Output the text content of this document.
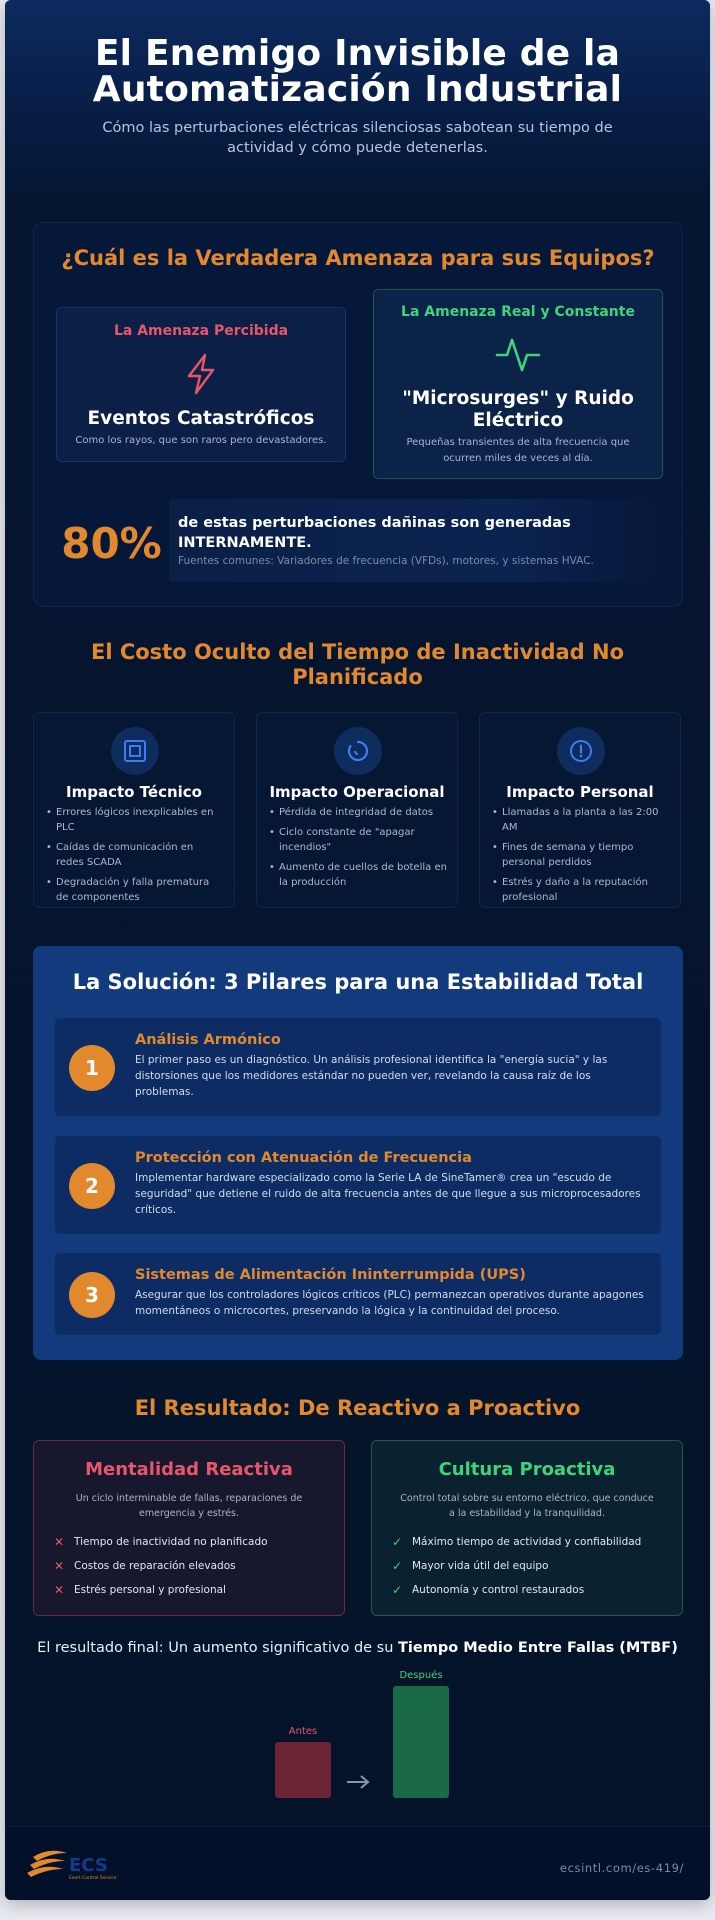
El Enemigo Invisible de la
Automatización Industrial

Cómo las perturbaciones eléctricas silenciosas sabotean su tiempo de actividad y cómo puede detenerlas.

¿Cuál es la Verdadera Amenaza para sus Equipos?
La Amenaza Percibida
Eventos Catastróficos
Como los rayos, que son raros pero devastadores.
La Amenaza Real y Constante
"Microsurges" y Ruido Eléctrico
Pequeñas transientes de alta frecuencia que ocurren miles de veces al día.
80%	de estas perturbaciones dañinas son generadas
INTERNAMENTE.
Fuentes comunes: Variadores de frecuencia (VFDs), motores, y sistemas HVAC.
El Costo Oculto del Tiempo de Inactividad No Planificado
Impacto Técnico
• Errores lógicos inexplicables en PLC
• Caídas de comunicación en redes SCADA
• Degradación y falla prematura de componentes
Impacto Operacional
• Pérdida de integridad de datos
• Ciclo constante de "apagar incendios"
• Aumento de cuellos de botella en la producción
Impacto Personal
• Llamadas a la planta a las 2:00 AM
• Fines de semana y tiempo personal perdidos
• Estrés y daño a la reputación profesional
La Solución: 3 Pilares para una Estabilidad Total
1
Análisis Armónico
El primer paso es un diagnóstico. Un análisis profesional identifica la "energía sucia" y las distorsiones que los medidores estándar no pueden ver, revelando la causa raíz de los problemas.
2
Protección con Atenuación de Frecuencia
Implementar hardware especializado como la Serie LA de SineTamer® crea un "escudo de seguridad" que detiene el ruido de alta frecuencia antes de que llegue a sus microprocesadores críticos.
3
Sistemas de Alimentación Ininterrumpida (UPS)
Asegurar que los controladores lógicos críticos (PLC) permanezcan operativos durante apagones momentáneos o microcortes, preservando la lógica y la continuidad del proceso.
El Resultado: De Reactivo a Proactivo
Mentalidad Reactiva
Un ciclo interminable de fallas, reparaciones de emergencia y estrés.
✕ Tiempo de inactividad no planificado
✕ Costos de reparación elevados
✕ Estrés personal y profesional
Cultura Proactiva
Control total sobre su entorno eléctrico, que conduce a la estabilidad y la tranquilidad.
✓ Máximo tiempo de actividad y confiabilidad
✓ Mayor vida útil del equipo
✓ Autonomía y control restaurados
El resultado final: Un aumento significativo de su Tiempo Medio Entre Fallas (MTBF)
Antes
Después
ECS
Exert Control Service
ecsintl.com/es-419/
